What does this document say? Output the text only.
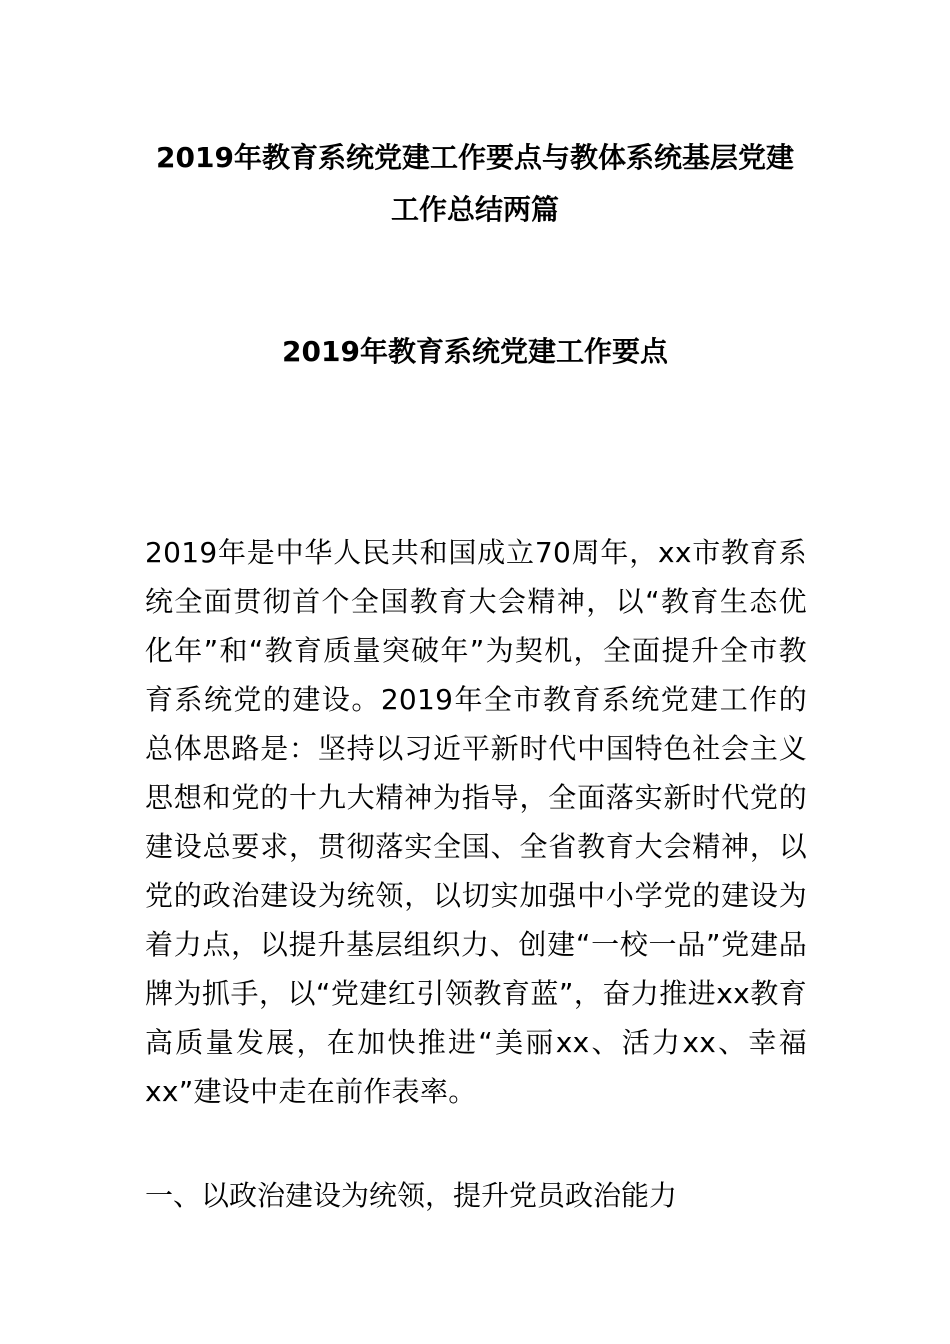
2019年教育系统党建工作要点与教体系统基层党建工作总结两篇
2019年教育系统党建工作要点

2019年是中华人民共和国成立70周年，xx市教育系统全面贯彻首个全国教育大会精神，以“教育生态优化年”和“教育质量突破年”为契机，全面提升全市教育系统党的建设。2019年全市教育系统党建工作的总体思路是：坚持以习近平新时代中国特色社会主义思想和党的十九大精神为指导，全面落实新时代党的建设总要求，贯彻落实全国、全省教育大会精神，以党的政治建设为统领，以切实加强中小学党的建设为着力点，以提升基层组织力、创建“一校一品”党建品牌为抓手，以“党建红引领教育蓝”，奋力推进xx教育高质量发展，在加快推进“美丽xx、活力xx、幸福xx”建设中走在前作表率。

一、以政治建设为统领，提升党员政治能力
